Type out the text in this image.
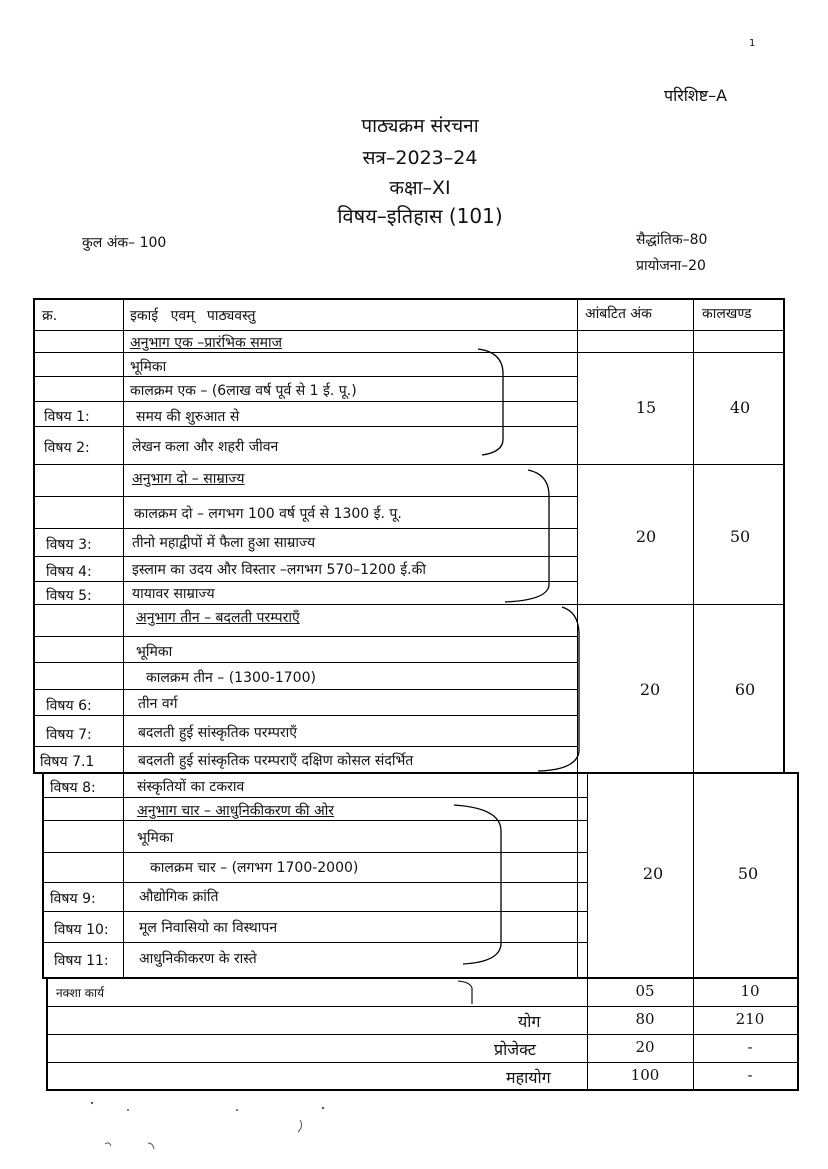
1
परिशिष्ट–A
पाठ्यक्रम संरचना
सत्र–2023–24
कक्षा–XI
विषय–इतिहास (101)
कुल अंक– 100	सैद्धांतिक–80
प्रायोजना–20
क्र.	इकाई एवम् पाठ्यवस्तु	आंबटित अंक	कालखण्ड
अनुभाग एक –प्रारंभिक समाज
भूमिका
कालक्रम एक – (6लाख वर्ष पूर्व से 1 ई. पू.)
विषय 1:	समय की शुरुआत से
विषय 2:	लेखन कला और शहरी जीवन
15	40
अनुभाग दो – साम्राज्य
कालक्रम दो – लगभग 100 वर्ष पूर्व से 1300 ई. पू.
विषय 3:	तीनो महाद्वीपों में फैला हुआ साम्राज्य
विषय 4:	इस्लाम का उदय और विस्तार –लगभग 570–1200 ई.की
विषय 5:	यायावर साम्राज्य
20	50
अनुभाग तीन – बदलती परम्पराएँ
भूमिका
कालक्रम तीन – (1300-1700)
विषय 6:	तीन वर्ग
विषय 7:	बदलती हुई सांस्कृतिक परम्पराएँ
विषय 7.1	बदलती हुई सांस्कृतिक परम्पराएँ दक्षिण कोसल संदर्भित
20	60
विषय 8:	संस्कृतियों का टकराव
अनुभाग चार – आधुनिकीकरण की ओर
भूमिका
कालक्रम चार – (लगभग 1700-2000)
विषय 9:	औद्योगिक क्रांति
विषय 10: मूल निवासियो का विस्थापन
विषय 11: आधुनिकीकरण के रास्ते
20	50
नक्शा कार्य	05	10
योग	80	210
प्रोजेक्ट	20	-
महायोग	100	-
